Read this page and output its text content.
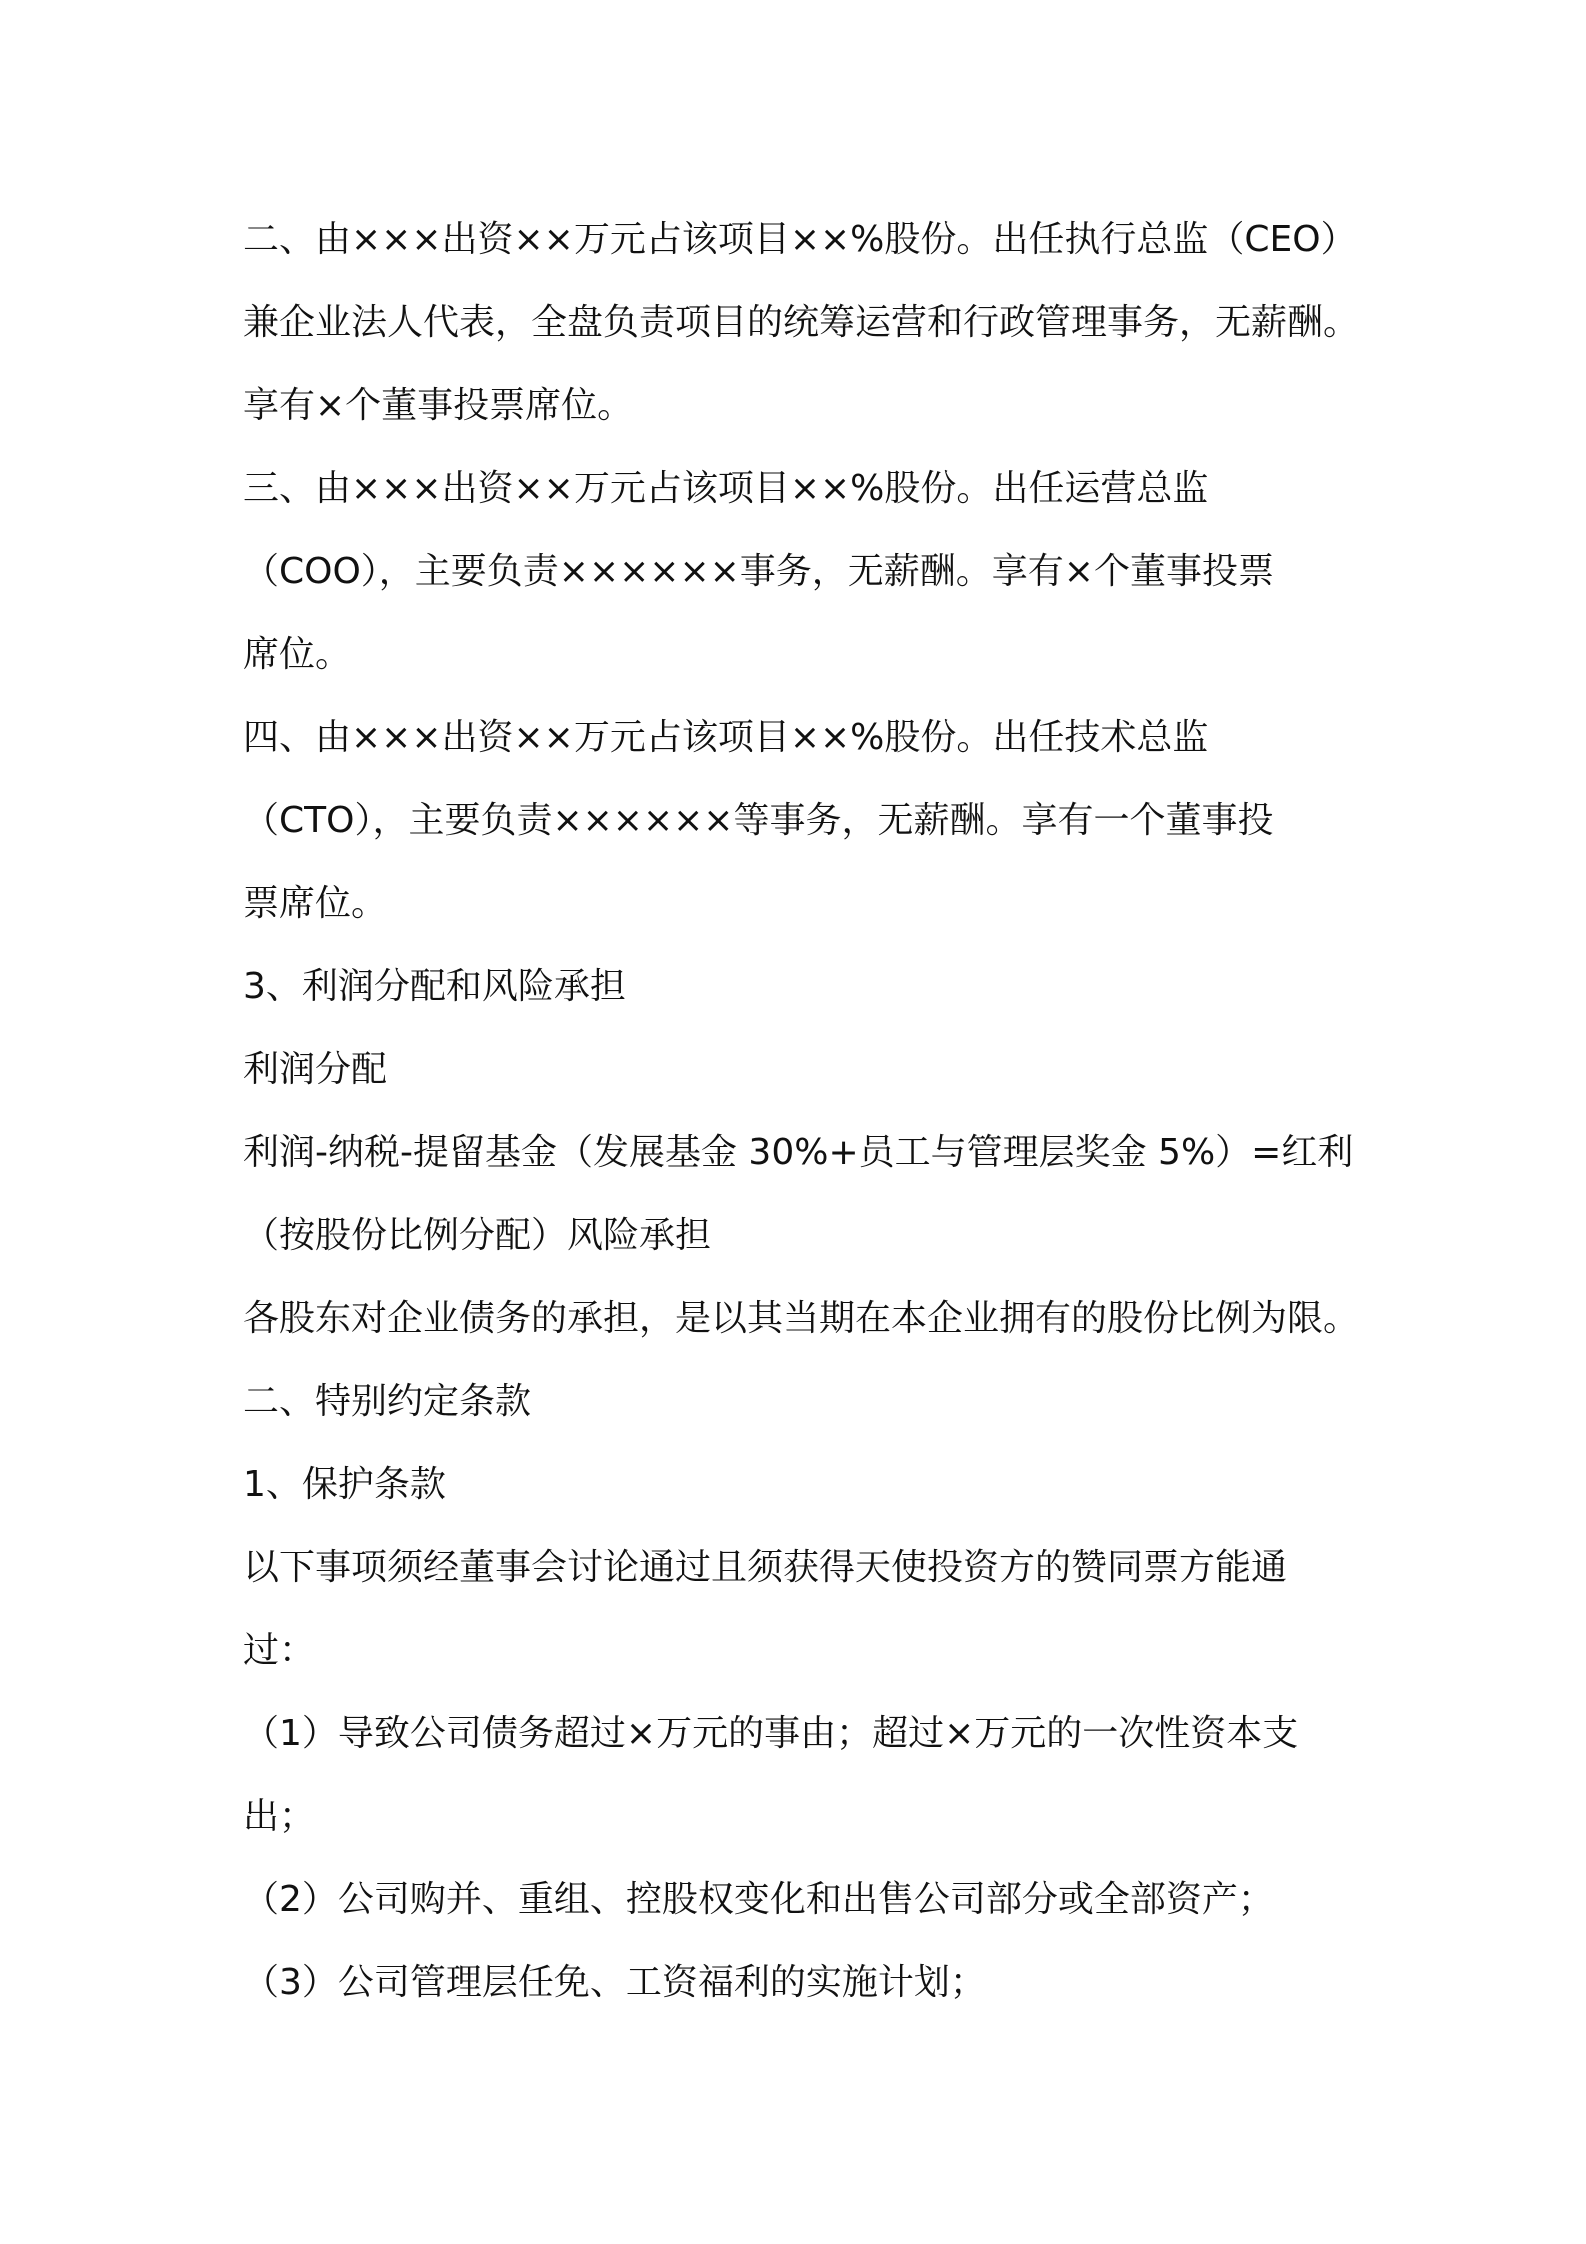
二、由×××出资××万元占该项目××%股份。出任执行总监（CEO）
兼企业法人代表，全盘负责项目的统筹运营和行政管理事务，无薪酬。
享有×个董事投票席位。
三、由×××出资××万元占该项目××%股份。出任运营总监
（COO），主要负责××××××事务，无薪酬。享有×个董事投票
席位。
四、由×××出资××万元占该项目××%股份。出任技术总监
（CTO），主要负责××××××等事务，无薪酬。享有一个董事投
票席位。
3、利润分配和风险承担
利润分配
利润-纳税-提留基金（发展基金 30%+员工与管理层奖金 5%）=红利
（按股份比例分配）风险承担
各股东对企业债务的承担，是以其当期在本企业拥有的股份比例为限。
二、特别约定条款
1、保护条款
以下事项须经董事会讨论通过且须获得天使投资方的赞同票方能通
过：
（1）导致公司债务超过×万元的事由；超过×万元的一次性资本支
出；
（2）公司购并、重组、控股权变化和出售公司部分或全部资产；
（3）公司管理层任免、工资福利的实施计划；
